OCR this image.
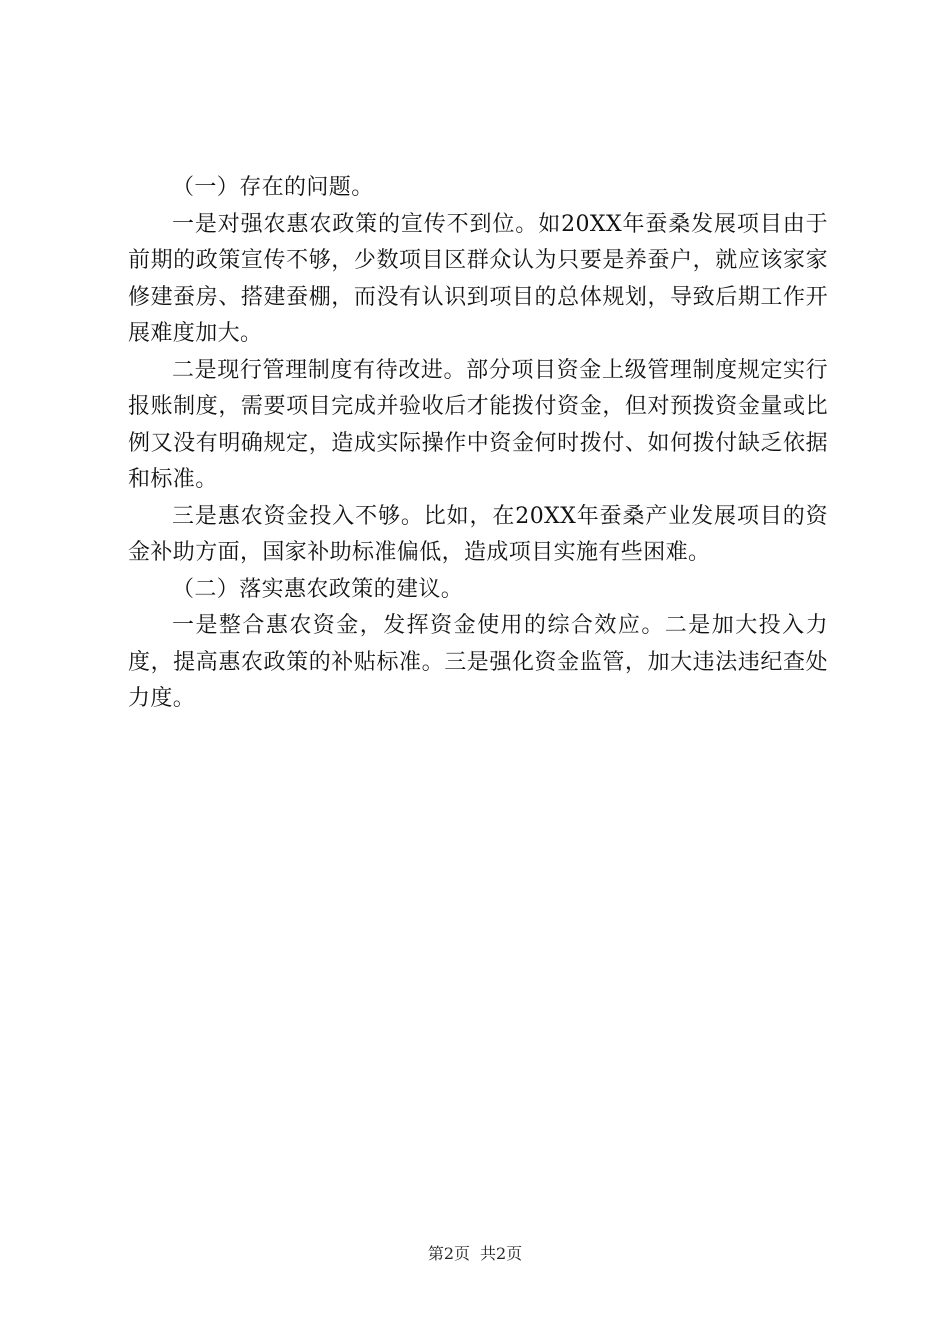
（一）存在的问题。

一是对强农惠农政策的宣传不到位。如20XX年蚕桑发展项目由于前期的政策宣传不够，少数项目区群众认为只要是养蚕户，就应该家家修建蚕房、搭建蚕棚，而没有认识到项目的总体规划，导致后期工作开展难度加大。

二是现行管理制度有待改进。部分项目资金上级管理制度规定实行报账制度，需要项目完成并验收后才能拨付资金，但对预拨资金量或比例又没有明确规定，造成实际操作中资金何时拨付、如何拨付缺乏依据和标准。

三是惠农资金投入不够。比如，在20XX年蚕桑产业发展项目的资金补助方面，国家补助标准偏低，造成项目实施有些困难。

（二）落实惠农政策的建议。

一是整合惠农资金，发挥资金使用的综合效应。二是加大投入力度，提高惠农政策的补贴标准。三是强化资金监管，加大违法违纪查处力度。

第2页 共2页
